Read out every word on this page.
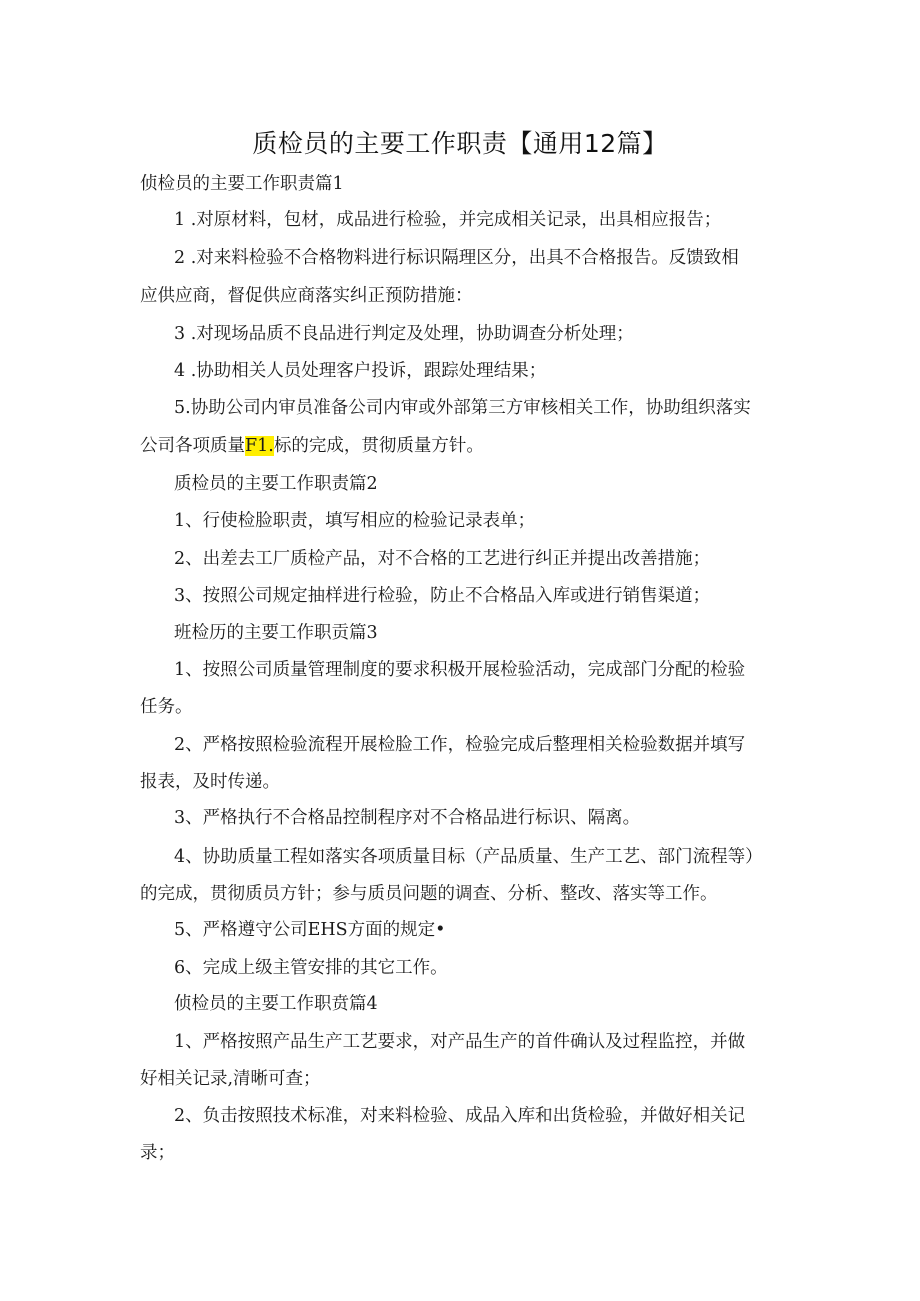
质检员的主要工作职责【通用12篇】
侦检员的主要工作职责篇1
1 .对原材料，包材，成品进行检验，并完成相关记录，出具相应报告；
2 .对来料检验不合格物料进行标识隔理区分，出具不合格报告。反馈致相
应供应商，督促供应商落实纠正预防措施：
3 .对现场品质不良品进行判定及处理，协助调查分析处理；
4 .协助相关人员处理客户投诉，跟踪处理结果；
5.协助公司内审员准备公司内审或外部第三方审核相关工作，协助组织落实
公司各项质量F1.标的完成，贯彻质量方针。
质检员的主要工作职责篇2
1、行使检脸职责，填写相应的检验记录表单；
2、出差去工厂质检产品，对不合格的工艺进行纠正并提出改善措施；
3、按照公司规定抽样进行检验，防止不合格品入库或进行销售渠道；
班检历的主要工作职贡篇3
1、按照公司质量管理制度的要求积极开展检验活动，完成部门分配的检验
任务。
2、严格按照检验流程开展检脸工作，检验完成后整理相关检验数据并填写
报表，及时传递。
3、严格执行不合格品控制程序对不合格品进行标识、隔离。
4、协助质量工程如落实各项质量目标（产品质量、生产工艺、部门流程等）
的完成，贯彻质员方针；参与质员问题的调查、分析、整改、落实等工作。
5、严格遵守公司EHS方面的规定•
6、完成上级主管安排的其它工作。
侦检员的主要工作职贲篇4
1、严格按照产品生产工艺要求，对产品生产的首件确认及过程监控，并做
好相关记录,清晰可查；
2、负击按照技术标准，对来料检验、成品入库和出货检验，并做好相关记
录；
